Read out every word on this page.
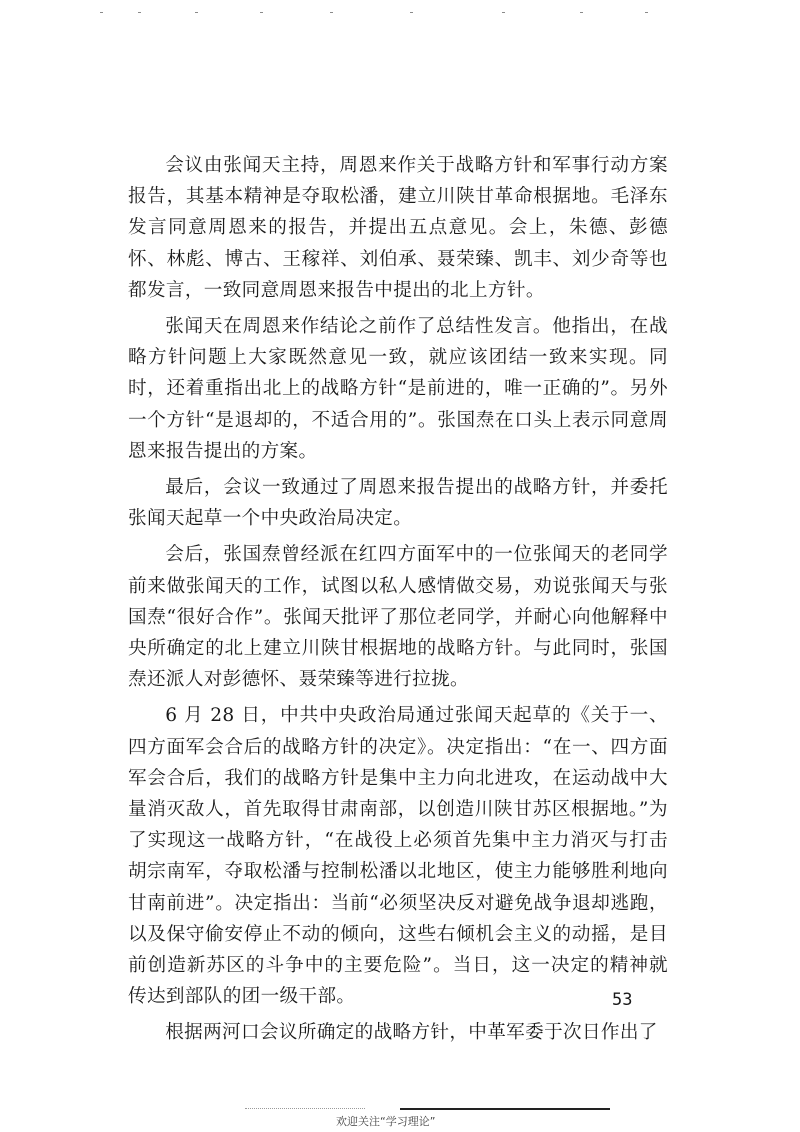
会议由张闻天主持，周恩来作关于战略方针和军事行动方案报告，其基本精神是夺取松潘，建立川陕甘革命根据地。毛泽东发言同意周恩来的报告，并提出五点意见。会上，朱德、彭德怀、林彪、博古、王稼祥、刘伯承、聂荣臻、凯丰、刘少奇等也都发言，一致同意周恩来报告中提出的北上方针。

张闻天在周恩来作结论之前作了总结性发言。他指出，在战略方针问题上大家既然意见一致，就应该团结一致来实现。同时，还着重指出北上的战略方针“是前进的，唯一正确的”。另外一个方针“是退却的，不适合用的”。张国焘在口头上表示同意周恩来报告提出的方案。

最后，会议一致通过了周恩来报告提出的战略方针，并委托张闻天起草一个中央政治局决定。

会后，张国焘曾经派在红四方面军中的一位张闻天的老同学前来做张闻天的工作，试图以私人感情做交易，劝说张闻天与张国焘“很好合作”。张闻天批评了那位老同学，并耐心向他解释中央所确定的北上建立川陕甘根据地的战略方针。与此同时，张国焘还派人对彭德怀、聂荣臻等进行拉拢。

6 月 28 日，中共中央政治局通过张闻天起草的《关于一、四方面军会合后的战略方针的决定》。决定指出：“在一、四方面军会合后，我们的战略方针是集中主力向北进攻，在运动战中大量消灭敌人，首先取得甘肃南部，以创造川陕甘苏区根据地。”为了实现这一战略方针，“在战役上必须首先集中主力消灭与打击胡宗南军，夺取松潘与控制松潘以北地区，使主力能够胜利地向甘南前进”。决定指出：当前“必须坚决反对避免战争退却逃跑，以及保守偷安停止不动的倾向，这些右倾机会主义的动摇，是目前创造新苏区的斗争中的主要危险”。当日，这一决定的精神就传达到部队的团一级干部。

根据两河口会议所确定的战略方针，中革军委于次日作出了

53
欢迎关注“学习理论”
